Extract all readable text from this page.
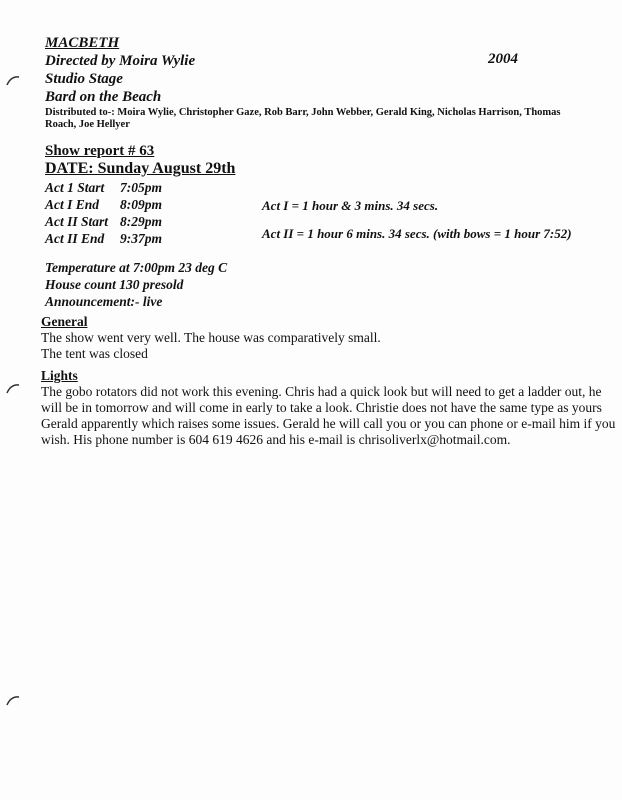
MACBETH
Directed by Moira Wylie
Studio Stage
Bard on the Beach
2004
Distributed to-: Moira Wylie, Christopher Gaze, Rob Barr, John Webber, Gerald King, Nicholas Harrison, Thomas
Roach, Joe Hellyer
Show report # 63
DATE: Sunday August 29th
Act 1 Start 7:05pm
Act I End 8:09pm
Act II Start 8:29pm
Act II End 9:37pm
Act I = 1 hour & 3 mins. 34 secs.
Act II = 1 hour 6 mins. 34 secs. (with bows = 1 hour 7:52)
Temperature at 7:00pm 23 deg C
House count 130 presold
Announcement:- live
General
The show went very well. The house was comparatively small.
The tent was closed
Lights
The gobo rotators did not work this evening. Chris had a quick look but will need to get a ladder out, he
will be in tomorrow and will come in early to take a look. Christie does not have the same type as yours
Gerald apparently which raises some issues. Gerald he will call you or you can phone or e-mail him if you
wish. His phone number is 604 619 4626 and his e-mail is chrisoliverlx@hotmail.com.
